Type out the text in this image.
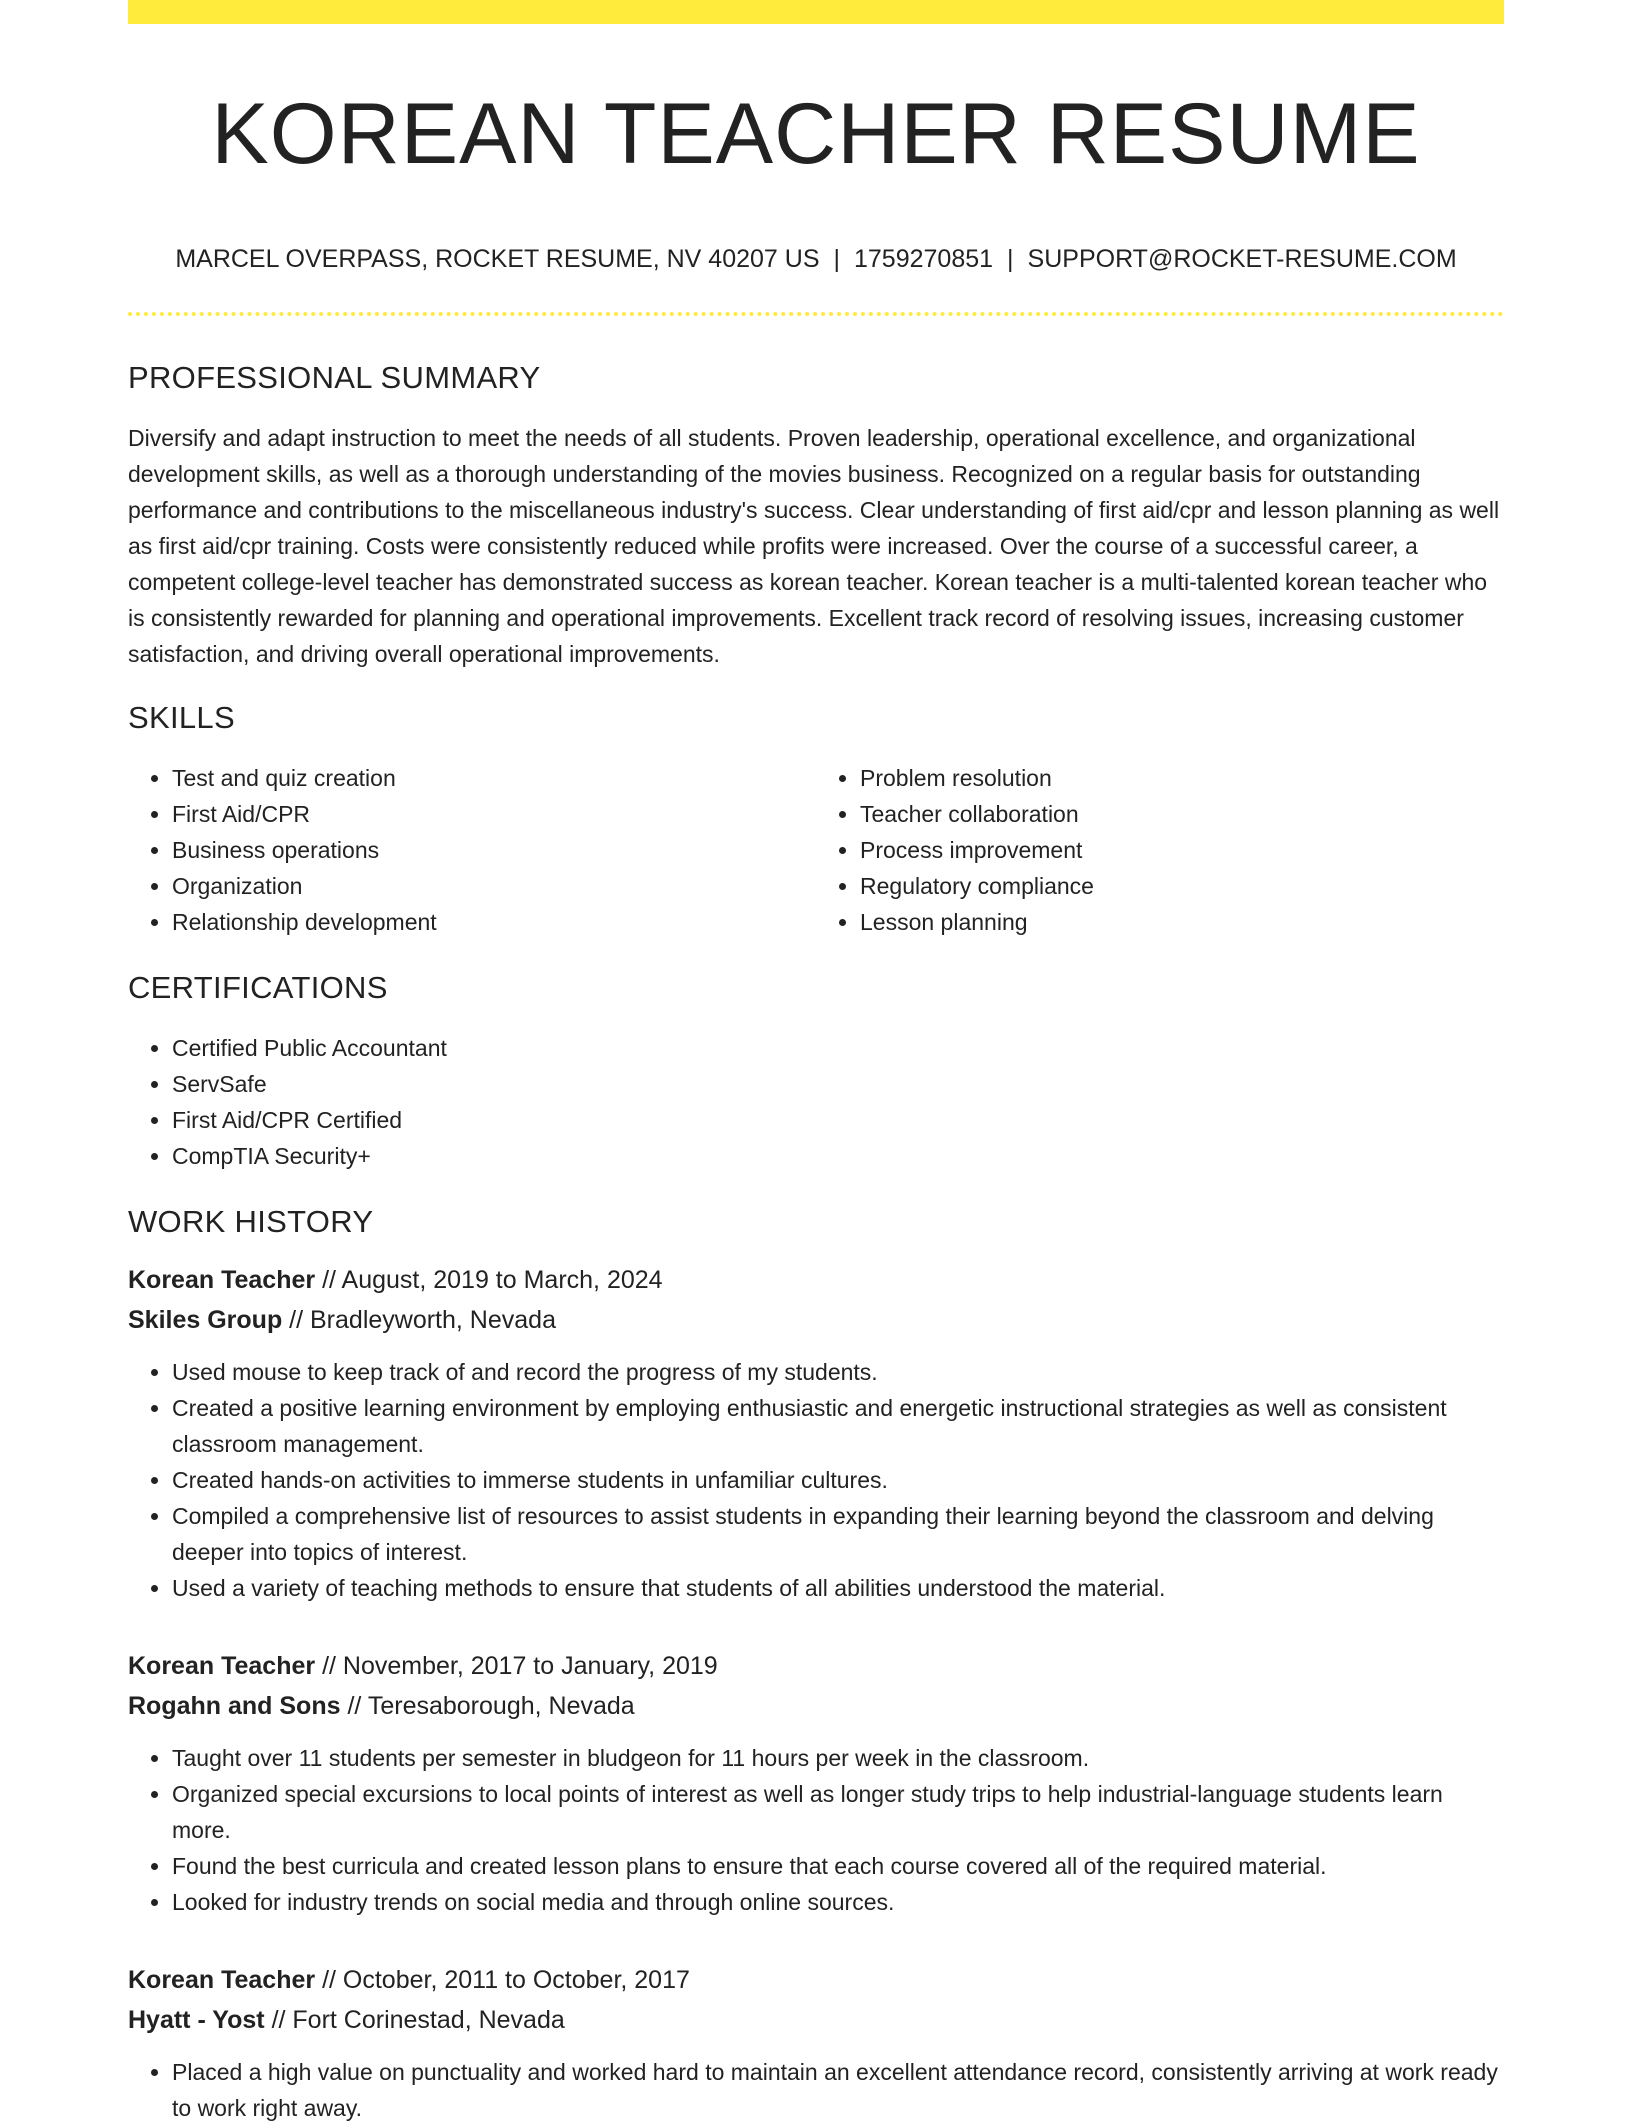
KOREAN TEACHER RESUME
MARCEL OVERPASS, ROCKET RESUME, NV 40207 US | 1759270851 | SUPPORT@ROCKET-RESUME.COM
PROFESSIONAL SUMMARY

Diversify and adapt instruction to meet the needs of all students. Proven leadership, operational excellence, and organizational development skills, as well as a thorough understanding of the movies business. Recognized on a regular basis for outstanding performance and contributions to the miscellaneous industry's success. Clear understanding of first aid/cpr and lesson planning as well as first aid/cpr training. Costs were consistently reduced while profits were increased. Over the course of a successful career, a competent college-level teacher has demonstrated success as korean teacher. Korean teacher is a multi-talented korean teacher who is consistently rewarded for planning and operational improvements. Excellent track record of resolving issues, increasing customer satisfaction, and driving overall operational improvements.

SKILLS
• Test and quiz creation
• First Aid/CPR
• Business operations
• Organization
• Relationship development
• Problem resolution
• Teacher collaboration
• Process improvement
• Regulatory compliance
• Lesson planning
CERTIFICATIONS
• Certified Public Accountant
• ServSafe
• First Aid/CPR Certified
• CompTIA Security+
WORK HISTORY
Korean Teacher // August, 2019 to March, 2024
Skiles Group // Bradleyworth, Nevada
• Used mouse to keep track of and record the progress of my students.
• Created a positive learning environment by employing enthusiastic and energetic instructional strategies as well as consistent classroom management.
• Created hands-on activities to immerse students in unfamiliar cultures.
• Compiled a comprehensive list of resources to assist students in expanding their learning beyond the classroom and delving deeper into topics of interest.
• Used a variety of teaching methods to ensure that students of all abilities understood the material.
Korean Teacher // November, 2017 to January, 2019
Rogahn and Sons // Teresaborough, Nevada
• Taught over 11 students per semester in bludgeon for 11 hours per week in the classroom.
• Organized special excursions to local points of interest as well as longer study trips to help industrial-language students learn more.
• Found the best curricula and created lesson plans to ensure that each course covered all of the required material.
• Looked for industry trends on social media and through online sources.
Korean Teacher // October, 2011 to October, 2017
Hyatt - Yost // Fort Corinestad, Nevada
• Placed a high value on punctuality and worked hard to maintain an excellent attendance record, consistently arriving at work ready to work right away.
